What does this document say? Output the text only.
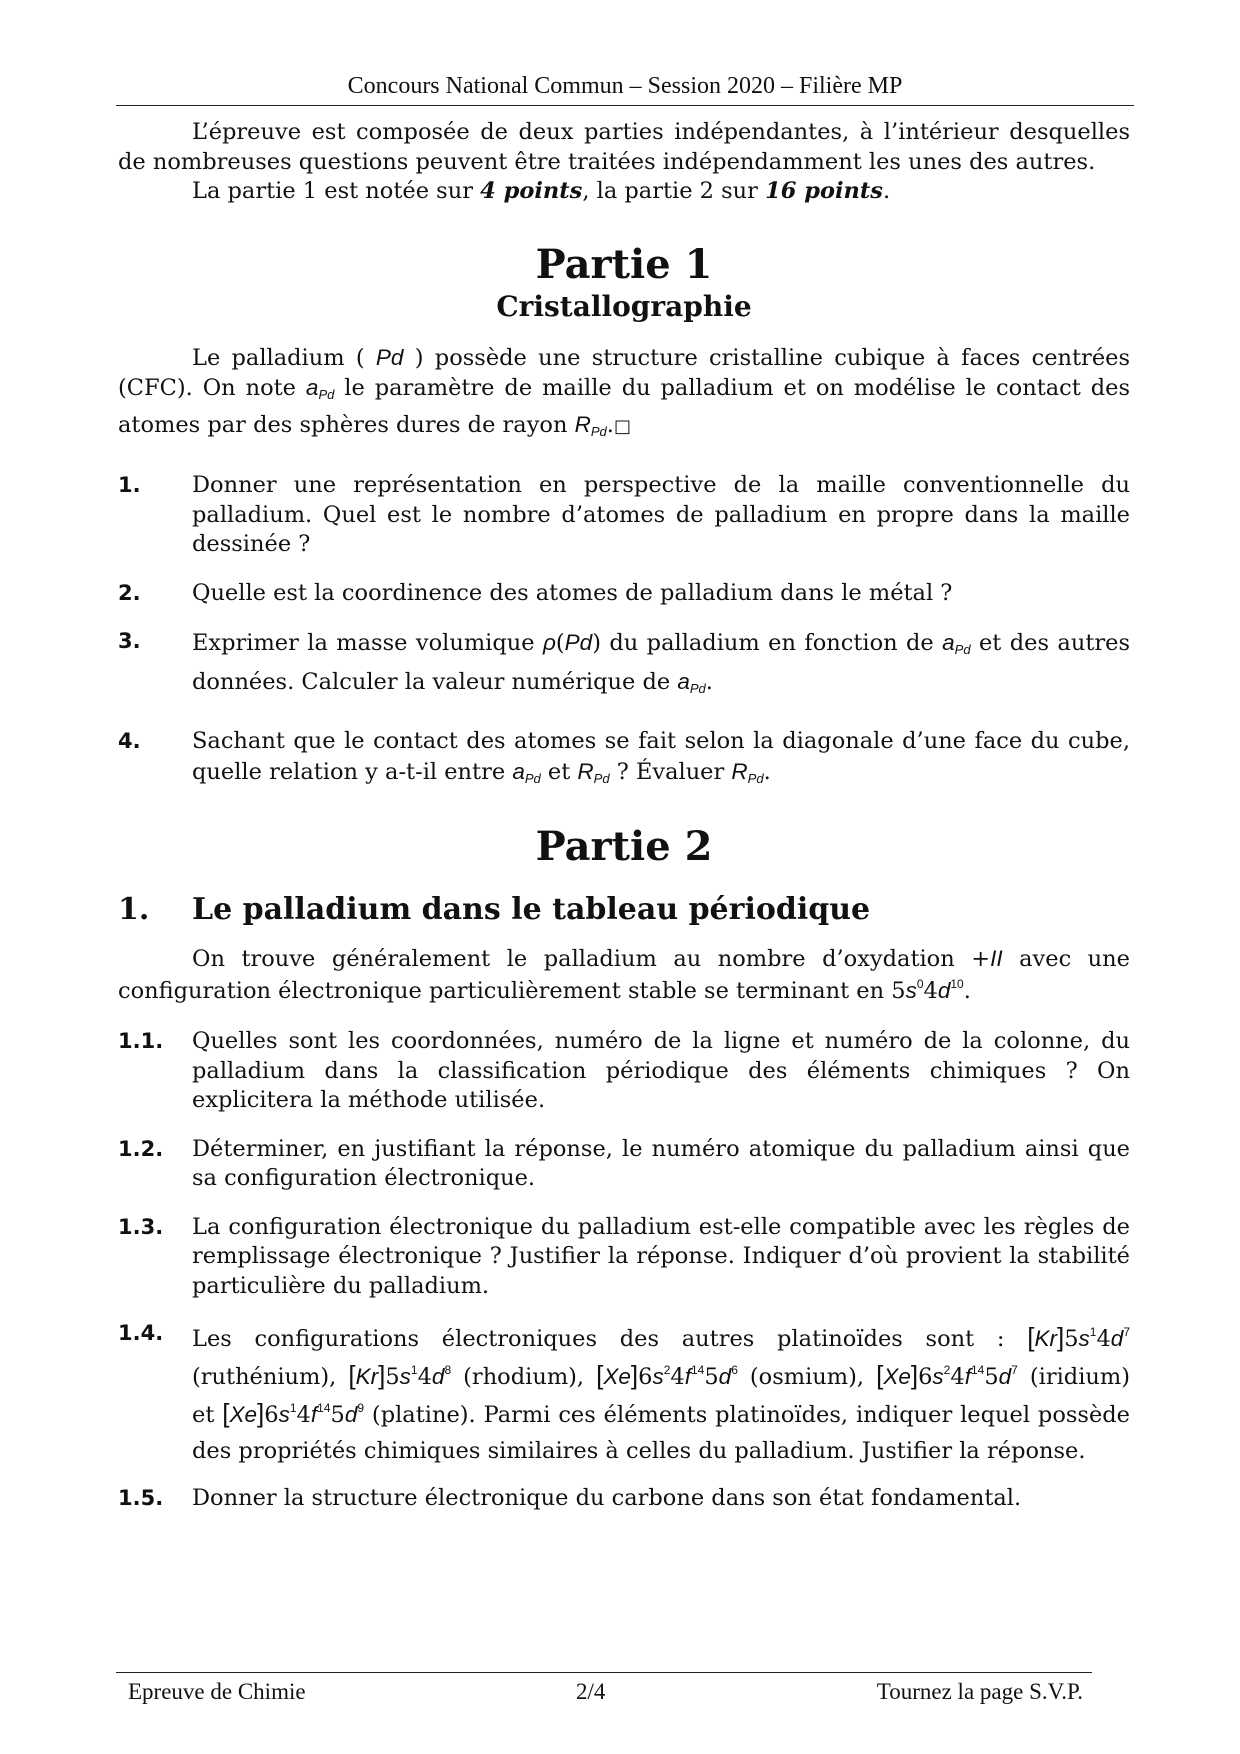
Concours National Commun – Session 2020 – Filière MP

L’épreuve est composée de deux parties indépendantes, à l’intérieur desquelles de nombreuses questions peuvent être traitées indépendamment les unes des autres.

La partie 1 est notée sur 4 points, la partie 2 sur 16 points.

Partie 1
Cristallographie

Le palladium ( Pd ) possède une structure cristalline cubique à faces centrées (CFC). On note $a_{Pd}$ le paramètre de maille du palladium et on modélise le contact des atomes par des sphères dures de rayon $R_{Pd}.□$

1.	Donner une représentation en perspective de la maille conventionnelle du palladium. Quel est le nombre d’atomes de palladium en propre dans la maille dessinée ?
2.	Quelle est la coordinence des atomes de palladium dans le métal ?
3.	Exprimer la masse volumique ρ(Pd) du palladium en fonction de $a_{Pd}$ et des autres données. Calculer la valeur numérique de $a_{Pd}$.
4.	Sachant que le contact des atomes se fait selon la diagonale d’une face du cube, quelle relation y a-t-il entre $a_{Pd}$ et $R_{Pd}$ ? Évaluer $R_{Pd}$.
Partie 2
1.	Le palladium dans le tableau périodique

On trouve généralement le palladium au nombre d’oxydation +II avec une configuration électronique particulièrement stable se terminant en $5s^04d^{10}$.

1.1.	Quelles sont les coordonnées, numéro de la ligne et numéro de la colonne, du palladium dans la classification périodique des éléments chimiques ? On explicitera la méthode utilisée.
1.2.	Déterminer, en justifiant la réponse, le numéro atomique du palladium ainsi que sa configuration électronique.
1.3.	La configuration électronique du palladium est-elle compatible avec les règles de remplissage électronique ? Justifier la réponse. Indiquer d’où provient la stabilité particulière du palladium.
1.4.	Les configurations électroniques des autres platinoïdes sont : $[Kr]5s^14d^7$ (ruthénium), $[Kr]5s^14d^8$ (rhodium), $[Xe]6s^24f^{14}5d^6$ (osmium), $[Xe]6s^24f^{14}5d^7$ (iridium) et $[Xe]6s^14f^{14}5d^9$ (platine). Parmi ces éléments platinoïdes, indiquer lequel possède des propriétés chimiques similaires à celles du palladium. Justifier la réponse.
1.5.	Donner la structure électronique du carbone dans son état fondamental.
Epreuve de Chimie	2/4	Tournez la page S.V.P.
